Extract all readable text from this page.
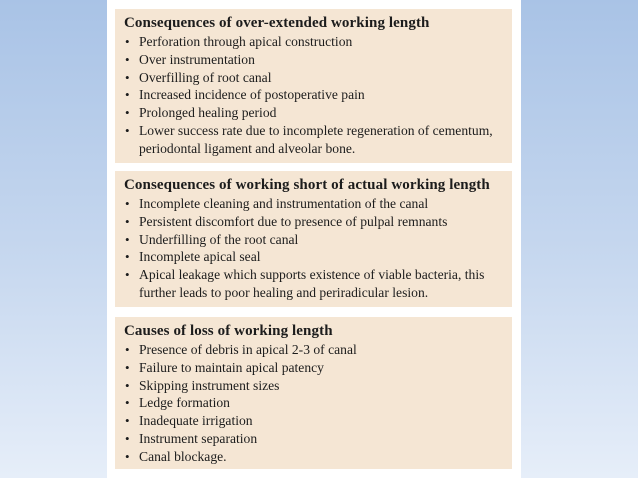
Consequences of over-extended working length
• Perforation through apical construction
• Over instrumentation
• Overfilling of root canal
• Increased incidence of postoperative pain
• Prolonged healing period
• Lower success rate due to incomplete regeneration of cementum, periodontal ligament and alveolar bone.
Consequences of working short of actual working length
• Incomplete cleaning and instrumentation of the canal
• Persistent discomfort due to presence of pulpal remnants
• Underfilling of the root canal
• Incomplete apical seal
• Apical leakage which supports existence of viable bacteria, this further leads to poor healing and periradicular lesion.
Causes of loss of working length
• Presence of debris in apical 2-3 of canal
• Failure to maintain apical patency
• Skipping instrument sizes
• Ledge formation
• Inadequate irrigation
• Instrument separation
• Canal blockage.
